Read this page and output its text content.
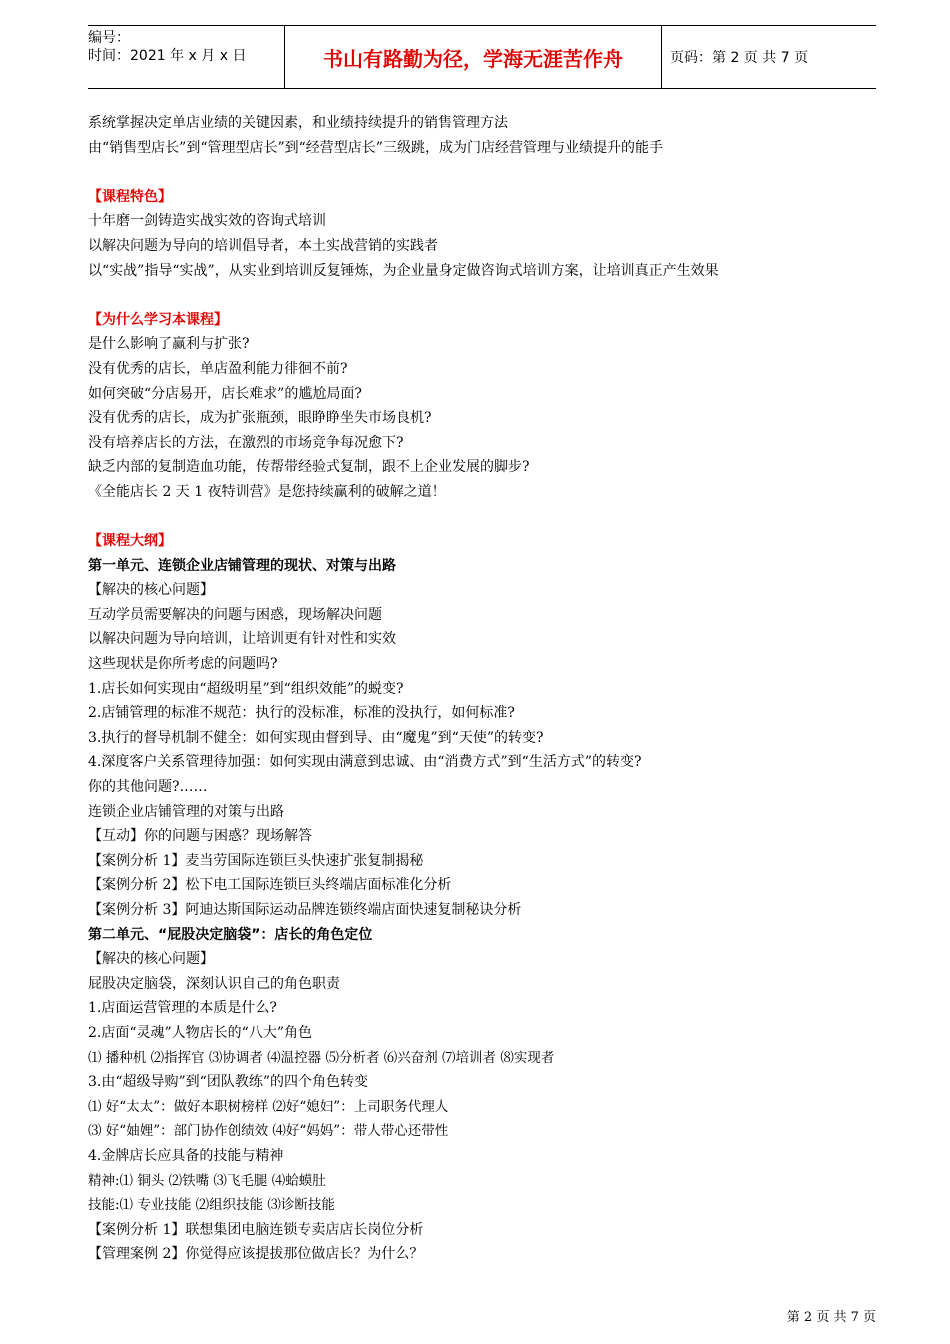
编号：
时间：2021 年 x 月 x 日	书山有路勤为径，学海无涯苦作舟	页码：第 2 页 共 7 页
系统掌握决定单店业绩的关键因素，和业绩持续提升的销售管理方法
由“销售型店长”到“管理型店长”到“经营型店长”三级跳，成为门店经营管理与业绩提升的能手
【课程特色】
十年磨一剑铸造实战实效的咨询式培训
以解决问题为导向的培训倡导者，本土实战营销的实践者
以“实战”指导“实战”，从实业到培训反复锤炼，为企业量身定做咨询式培训方案，让培训真正产生效果
【为什么学习本课程】
是什么影响了赢利与扩张?
没有优秀的店长，单店盈利能力徘徊不前?
如何突破“分店易开，店长难求”的尴尬局面?
没有优秀的店长，成为扩张瓶颈，眼睁睁坐失市场良机?
没有培养店长的方法，在激烈的市场竞争每况愈下?
缺乏内部的复制造血功能，传帮带经验式复制，跟不上企业发展的脚步?
《全能店长 2 天 1 夜特训营》是您持续赢利的破解之道！
【课程大纲】
第一单元、连锁企业店铺管理的现状、对策与出路
【解决的核心问题】
互动学员需要解决的问题与困惑，现场解决问题
以解决问题为导向培训，让培训更有针对性和实效
这些现状是你所考虑的问题吗?
1.店长如何实现由“超级明星”到“组织效能”的蜕变?
2.店铺管理的标准不规范：执行的没标准，标准的没执行，如何标准?
3.执行的督导机制不健全：如何实现由督到导、由“魔鬼”到“天使”的转变?
4.深度客户关系管理待加强：如何实现由满意到忠诚、由“消费方式”到“生活方式”的转变?
你的其他问题?……
连锁企业店铺管理的对策与出路
【互动】你的问题与困惑？现场解答
【案例分析 1】麦当劳国际连锁巨头快速扩张复制揭秘
【案例分析 2】松下电工国际连锁巨头终端店面标准化分析
【案例分析 3】阿迪达斯国际运动品牌连锁终端店面快速复制秘诀分析
第二单元、“屁股决定脑袋”：店长的角色定位
【解决的核心问题】
屁股决定脑袋，深刻认识自己的角色职责
1.店面运营管理的本质是什么?
2.店面“灵魂”人物店长的“八大”角色
⑴ 播种机 ⑵指挥官 ⑶协调者 ⑷温控器 ⑸分析者 ⑹兴奋剂 ⑺培训者 ⑻实现者
3.由“超级导购”到“团队教练”的四个角色转变
⑴ 好“太太”：做好本职树榜样 ⑵好“媳妇”：上司职务代理人
⑶ 好“妯娌”：部门协作创绩效 ⑷好“妈妈”：带人带心还带性
4.金牌店长应具备的技能与精神
精神:⑴ 铜头 ⑵铁嘴 ⑶飞毛腿 ⑷蛤蟆肚
技能:⑴ 专业技能 ⑵组织技能 ⑶诊断技能
【案例分析 1】联想集团电脑连锁专卖店店长岗位分析
【管理案例 2】你觉得应该提拔那位做店长？为什么？
第 2 页 共 7 页
